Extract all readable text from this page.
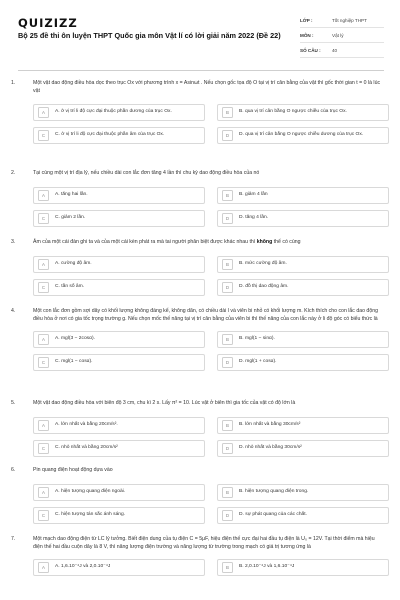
QUIZIZZ
Bộ 25 đề thi ôn luyện THPT Quốc gia môn Vật lí có lời giải năm 2022 (Đề 22)
LỚP :	Tốt nghiệp THPT
MÔN :	Vật lý
SỐ CÂU :	40
1.	Một vật dao động điều hòa dọc theo trục Ox với phương trình x = Asinωt . Nếu chọn gốc tọa độ O tại vị trí cân bằng của vật thì gốc thời gian t = 0 là lúc vật
A	A. ở vị trí li độ cực đại thuộc phần dương của trục Ox.	B	B. qua vị trí cân bằng O ngược chiều của trục Ox.
C	C. ở vị trí li độ cực đại thuộc phần âm của trục Ox.	D	D. qua vị trí cân bằng O ngược chiều dương của trục Ox.
2.	Tại cùng một vị trí địa lý, nếu chiều dài con lắc đơn tăng 4 lần thì chu kỳ dao động điều hòa của nó
A	A. tăng hai lần.	B	B. giảm 4 lần
C	C. giảm 2 lần.	D	D. tăng 4 lần.
3.	Âm của một cái đàn ghi ta và của một cái kèn phát ra mà tai người phân biệt được khác nhau thì không thể có cùng
A	A. cường độ âm.	B	B. mức cường độ âm.
C	C. tần số âm.	D	D. đồ thị dao động âm.
4.	Một con lắc đơn gồm sợi dây có khối lượng không đáng kể, không dãn, có chiều dài l và viên bi nhỏ có khối lượng m. Kích thích cho con lắc dao động điều hòa ở nơi có gia tốc trọng trường g. Nếu chọn mốc thế năng tại vị trí cân bằng của viên bi thì thế năng của con lắc này ở li độ góc có biểu thức là
A	A. mgl(3 − 2cosα).	B	B. mgl(1 − sinα).
C	C. mgl(1 − cosα).	D	D. mgl(1 + cosα).
5.	Một vật dao động điều hòa với biên độ 3 cm, chu kì 2 s. Lấy π² = 10. Lúc vật ở biên thì gia tốc của vật có độ lớn là
A	A. lớn nhất và bằng 20cm/s².	B	B. lớn nhất và bằng 30cm/s²
C	C. nhỏ nhất và bằng 20cm/s²	D	D. nhỏ nhất và bằng 30cm/s²
6.	Pin quang điện hoạt động dựa vào
A	A. hiện tượng quang điện ngoài.	B	B. hiện tượng quang điện trong.
C	C. hiện tượng tán sắc ánh sáng.	D	D. sự phát quang của các chất.
7.	Một mạch dao động điện từ LC lý tưởng. Biết điện dung của tụ điện C = 5μF, hiệu điện thế cực đại hai đầu tụ điện là U₀ = 12V. Tại thời điểm mà hiệu điện thế hai đầu cuộn dây là 8 V, thì năng lượng điện trường và năng lượng từ trường trong mạch có giá trị tương ứng là
A	A. 1,6.10⁻⁴J và 2,0.10⁻⁴J	B	B. 2,0.10⁻⁴J và 1,6.10⁻⁴J
